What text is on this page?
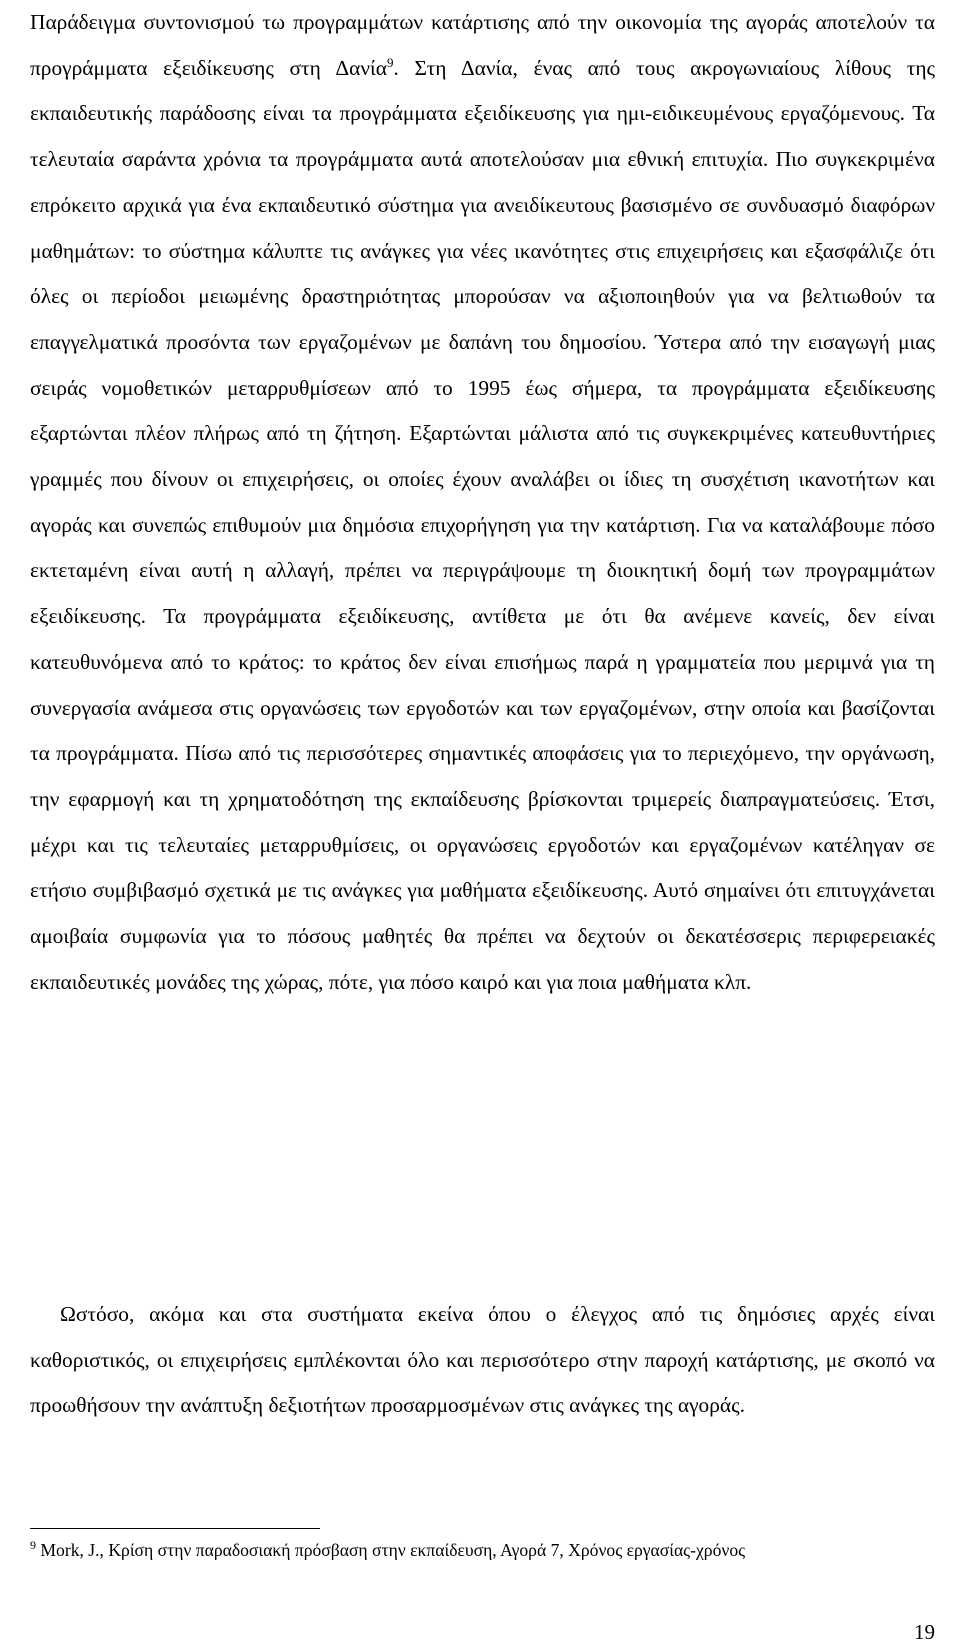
Παράδειγμα συντονισμού τω προγραμμάτων κατάρτισης από την οικονομία της αγοράς αποτελούν τα προγράμματα εξειδίκευσης στη Δανία$^9$. Στη Δανία, ένας από τους ακρογωνιαίους λίθους της εκπαιδευτικής παράδοσης είναι τα προγράμματα εξειδίκευσης για ημι-ειδικευμένους εργαζόμενους. Τα τελευταία σαράντα χρόνια τα προγράμματα αυτά αποτελούσαν μια εθνική επιτυχία. Πιο συγκεκριμένα επρόκειτο αρχικά για ένα εκπαιδευτικό σύστημα για ανειδίκευτους βασισμένο σε συνδυασμό διαφόρων μαθημάτων: το σύστημα κάλυπτε τις ανάγκες για νέες ικανότητες στις επιχειρήσεις και εξασφάλιζε ότι όλες οι περίοδοι μειωμένης δραστηριότητας μπορούσαν να αξιοποιηθούν για να βελτιωθούν τα επαγγελματικά προσόντα των εργαζομένων με δαπάνη του δημοσίου. Ύστερα από την εισαγωγή μιας σειράς νομοθετικών μεταρρυθμίσεων από το 1995 έως σήμερα, τα προγράμματα εξειδίκευσης εξαρτώνται πλέον πλήρως από τη ζήτηση. Εξαρτώνται μάλιστα από τις συγκεκριμένες κατευθυντήριες γραμμές που δίνουν οι επιχειρήσεις, οι οποίες έχουν αναλάβει οι ίδιες τη συσχέτιση ικανοτήτων και αγοράς και συνεπώς επιθυμούν μια δημόσια επιχορήγηση για την κατάρτιση. Για να καταλάβουμε πόσο εκτεταμένη είναι αυτή η αλλαγή, πρέπει να περιγράψουμε τη διοικητική δομή των προγραμμάτων εξειδίκευσης. Τα προγράμματα εξειδίκευσης, αντίθετα με ότι θα ανέμενε κανείς, δεν είναι κατευθυνόμενα από το κράτος: το κράτος δεν είναι επισήμως παρά η γραμματεία που μεριμνά για τη συνεργασία ανάμεσα στις οργανώσεις των εργοδοτών και των εργαζομένων, στην οποία και βασίζονται τα προγράμματα. Πίσω από τις περισσότερες σημαντικές αποφάσεις για το περιεχόμενο, την οργάνωση, την εφαρμογή και τη χρηματοδότηση της εκπαίδευσης βρίσκονται τριμερείς διαπραγματεύσεις. Έτσι, μέχρι και τις τελευταίες μεταρρυθμίσεις, οι οργανώσεις εργοδοτών και εργαζομένων κατέληγαν σε ετήσιο συμβιβασμό σχετικά με τις ανάγκες για μαθήματα εξειδίκευσης. Αυτό σημαίνει ότι επιτυγχάνεται αμοιβαία συμφωνία για το πόσους μαθητές θα πρέπει να δεχτούν οι δεκατέσσερις περιφερειακές εκπαιδευτικές μονάδες της χώρας, πότε, για πόσο καιρό και για ποια μαθήματα κλπ.

Ωστόσο, ακόμα και στα συστήματα εκείνα όπου ο έλεγχος από τις δημόσιες αρχές είναι καθοριστικός, οι επιχειρήσεις εμπλέκονται όλο και περισσότερο στην παροχή κατάρτισης, με σκοπό να προωθήσουν την ανάπτυξη δεξιοτήτων προσαρμοσμένων στις ανάγκες της αγοράς.

$^9$ Mork, J., Κρίση στην παραδοσιακή πρόσβαση στην εκπαίδευση, Αγορά 7, Χρόνος εργασίας-χρόνος

19
